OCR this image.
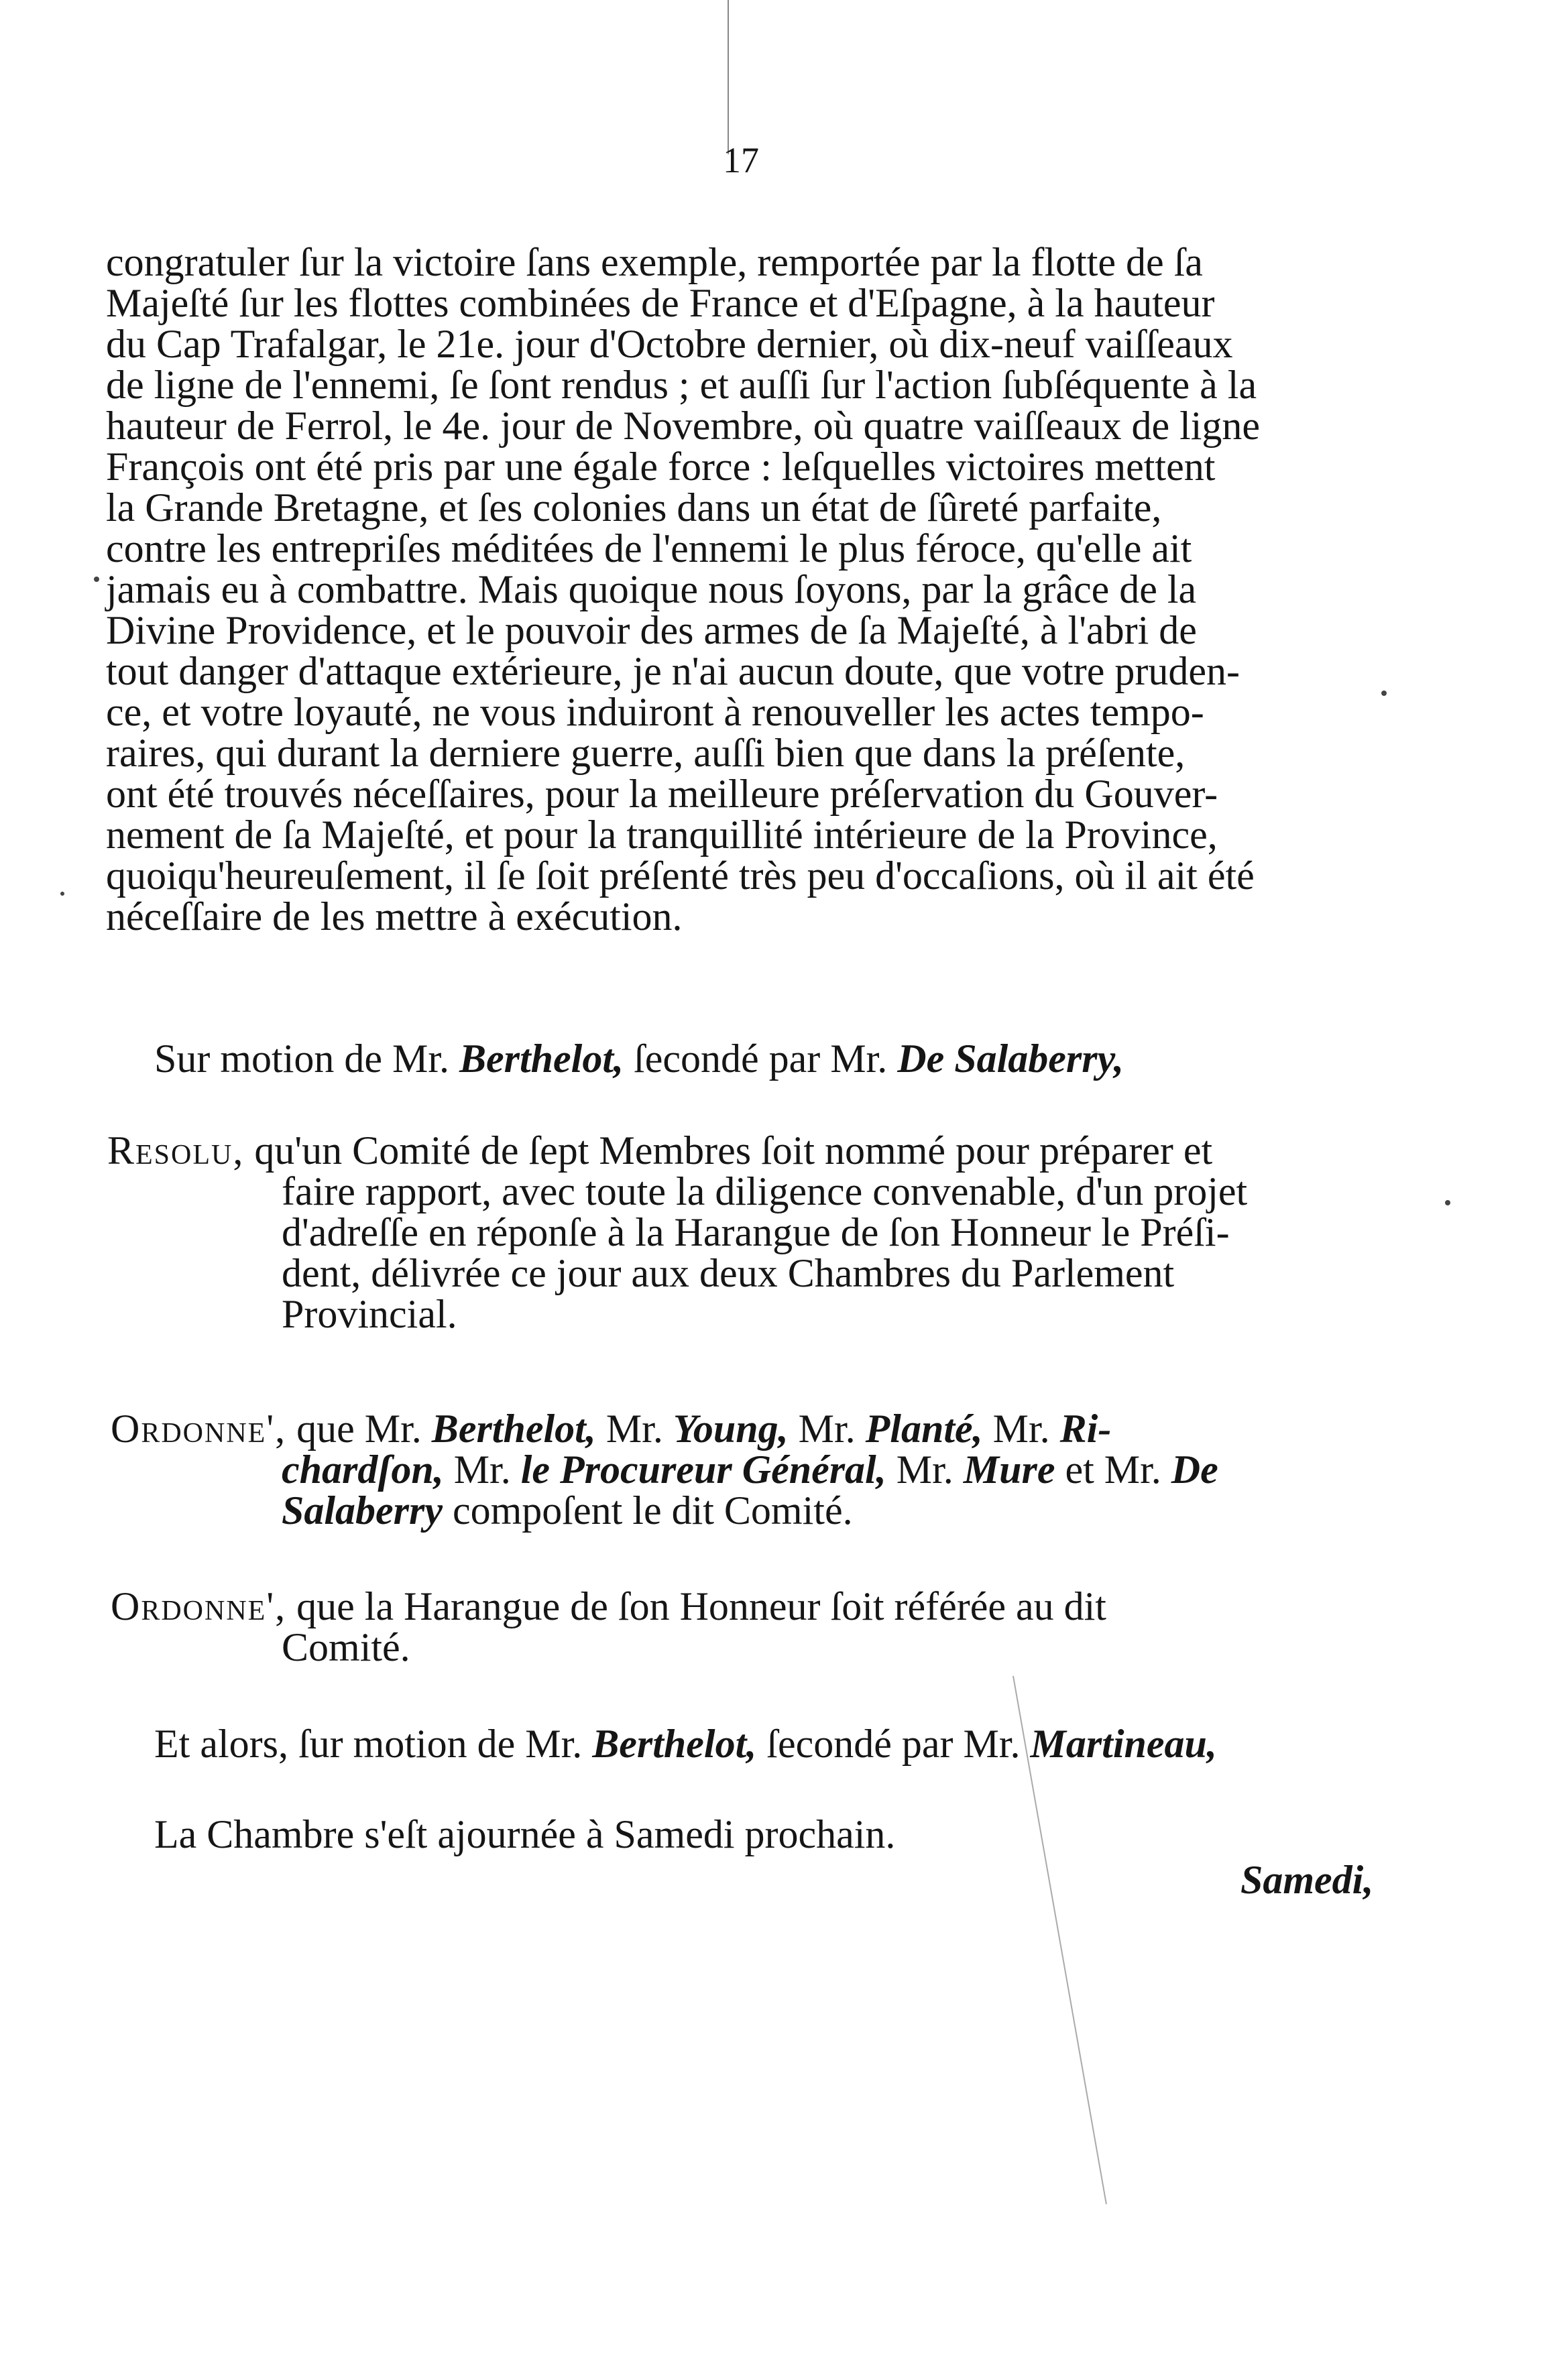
17
congratuler ſur la victoire ſans exemple, remportée par la flotte de ſa
Majeſté ſur les flottes combinées de France et d'Eſpagne, à la hauteur
du Cap Trafalgar, le 21e. jour d'Octobre dernier, où dix-neuf vaiſſeaux
de ligne de l'ennemi, ſe ſont rendus ; et auſſi ſur l'action ſubſéquente à la
hauteur de Ferrol, le 4e. jour de Novembre, où quatre vaiſſeaux de ligne
François ont été pris par une égale force : leſquelles victoires mettent
la Grande Bretagne, et ſes colonies dans un état de ſûreté parfaite,
contre les entrepriſes méditées de l'ennemi le plus féroce, qu'elle ait
jamais eu à combattre. Mais quoique nous ſoyons, par la grâce de la
Divine Providence, et le pouvoir des armes de ſa Majeſté, à l'abri de
tout danger d'attaque extérieure, je n'ai aucun doute, que votre pruden-
ce, et votre loyauté, ne vous induiront à renouveller les actes tempo-
raires, qui durant la derniere guerre, auſſi bien que dans la préſente,
ont été trouvés néceſſaires, pour la meilleure préſervation du Gouver-
nement de ſa Majeſté, et pour la tranquillité intérieure de la Province,
quoiqu'heureuſement, il ſe ſoit préſenté très peu d'occaſions, où il ait été
néceſſaire de les mettre à exécution.
Sur motion de Mr. Berthelot, ſecondé par Mr. De Salaberry,
Resolu, qu'un Comité de ſept Membres ſoit nommé pour préparer et
faire rapport, avec toute la diligence convenable, d'un projet
d'adreſſe en réponſe à la Harangue de ſon Honneur le Préſi-
dent, délivrée ce jour aux deux Chambres du Parlement
Provincial.
Ordonne', que Mr. Berthelot, Mr. Young, Mr. Planté, Mr. Ri-
chardſon, Mr. le Procureur Général, Mr. Mure et Mr. De
Salaberry compoſent le dit Comité.
Ordonne', que la Harangue de ſon Honneur ſoit référée au dit
Comité.
Et alors, ſur motion de Mr. Berthelot, ſecondé par Mr. Martineau,
La Chambre s'eſt ajournée à Samedi prochain.
Samedi,
